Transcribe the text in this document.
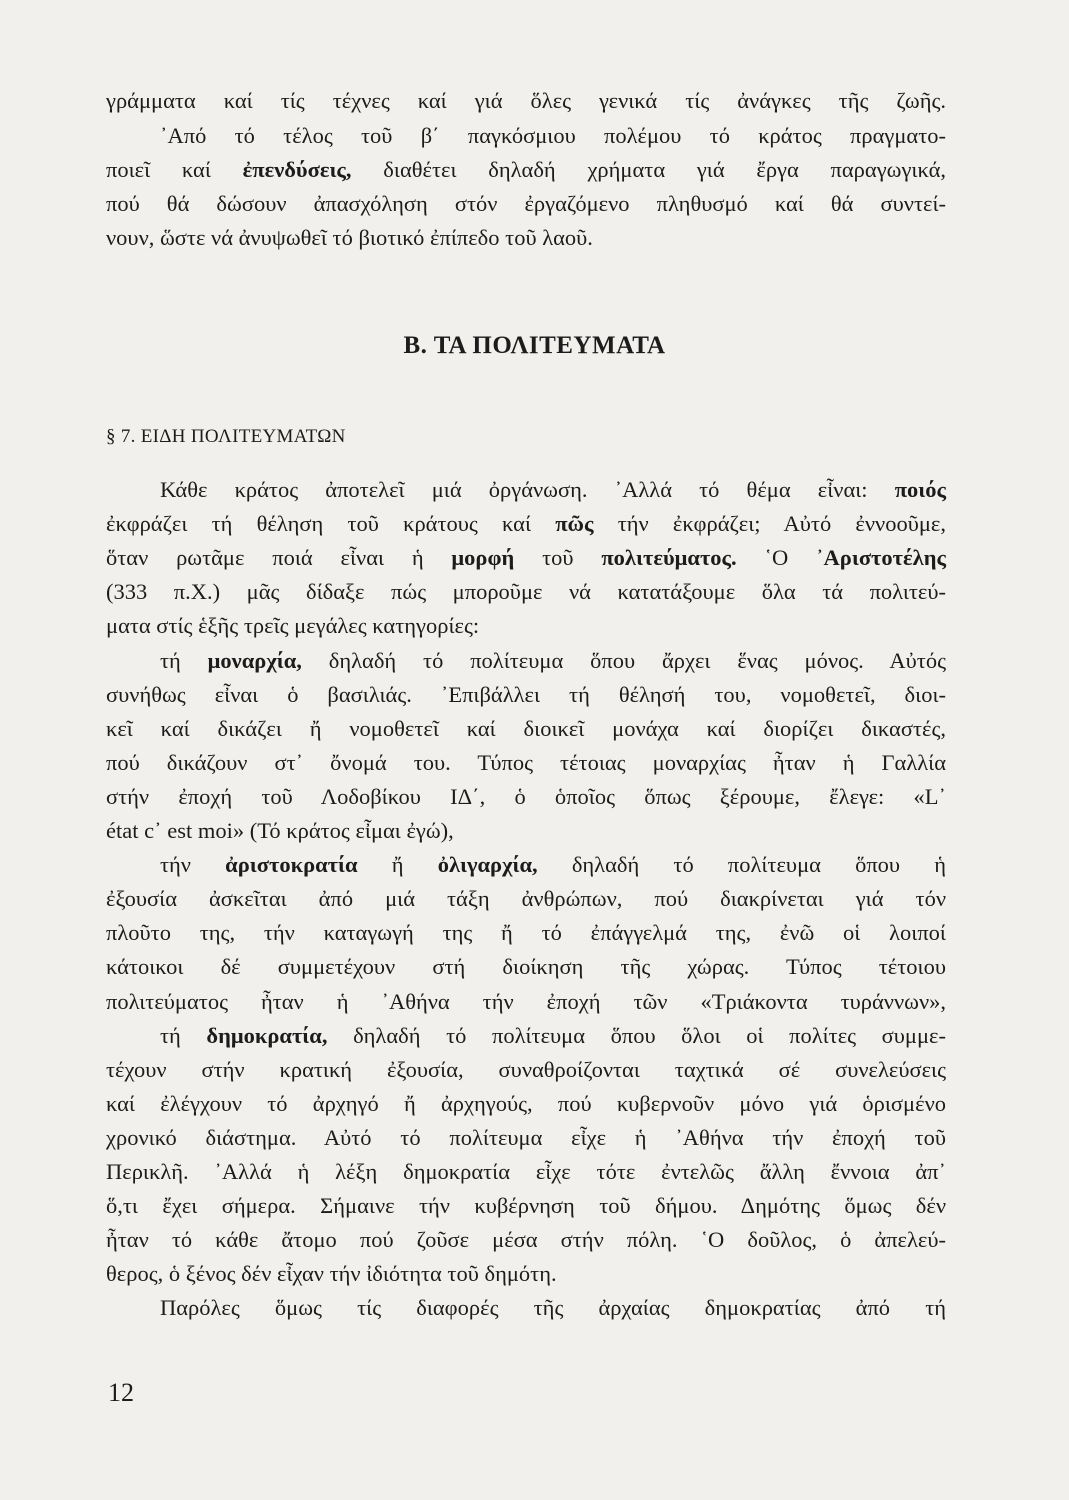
γράμματα καί τίς τέχνες καί γιά ὅλες γενικά τίς ἀνάγκες τῆς ζωῆς.
᾿Από τό τέλος τοῦ β΄ παγκόσμιου πολέμου τό κράτος πραγματο-
ποιεῖ καί ἐπενδύσεις, διαθέτει δηλαδή χρήματα γιά ἔργα παραγωγικά,
πού θά δώσουν ἀπασχόληση στόν ἐργαζόμενο πληθυσμό καί θά συντεί-
νουν, ὥστε νά ἀνυψωθεῖ τό βιοτικό ἐπίπεδο τοῦ λαοῦ.
Β. ΤΑ ΠΟΛΙΤΕΥΜΑΤΑ
§ 7. ΕΙΔΗ ΠΟΛΙΤΕΥΜΑΤΩΝ
Κάθε κράτος ἀποτελεῖ μιά ὀργάνωση. ᾿Αλλά τό θέμα εἶναι: ποιός
ἐκφράζει τή θέληση τοῦ κράτους καί πῶς τήν ἐκφράζει; Αὐτό ἐννοοῦμε,
ὅταν ρωτᾶμε ποιά εἶναι ἡ μορφή τοῦ πολιτεύματος. ῾Ο ᾿Αριστοτέλης
(333 π.Χ.) μᾶς δίδαξε πώς μποροῦμε νά κατατάξουμε ὅλα τά πολιτεύ-
ματα στίς ἑξῆς τρεῖς μεγάλες κατηγορίες:
τή μοναρχία, δηλαδή τό πολίτευμα ὅπου ἄρχει ἕνας μόνος. Αὐτός
συνήθως εἶναι ὁ βασιλιάς. ᾿Επιβάλλει τή θέλησή του, νομοθετεῖ, διοι-
κεῖ καί δικάζει ἤ νομοθετεῖ καί διοικεῖ μονάχα καί διορίζει δικαστές,
πού δικάζουν στ᾿ ὄνομά του. Τύπος τέτοιας μοναρχίας ἦταν ἡ Γαλλία
στήν ἐποχή τοῦ Λοδοβίκου ΙΔ΄, ὁ ὁποῖος ὅπως ξέρουμε, ἔλεγε: «L᾿
état c᾿ est moi» (Τό κράτος εἶμαι ἐγώ),
τήν ἀριστοκρατία ἤ ὀλιγαρχία, δηλαδή τό πολίτευμα ὅπου ἡ
ἐξουσία ἀσκεῖται ἀπό μιά τάξη ἀνθρώπων, πού διακρίνεται γιά τόν
πλοῦτο της, τήν καταγωγή της ἤ τό ἐπάγγελμά της, ἐνῶ οἱ λοιποί
κάτοικοι δέ συμμετέχουν στή διοίκηση τῆς χώρας. Τύπος τέτοιου
πολιτεύματος ἦταν ἡ ᾿Αθήνα τήν ἐποχή τῶν «Τριάκοντα τυράννων»,
τή δημοκρατία, δηλαδή τό πολίτευμα ὅπου ὅλοι οἱ πολίτες συμμε-
τέχουν στήν κρατική ἐξουσία, συναθροίζονται ταχτικά σέ συνελεύσεις
καί ἐλέγχουν τό ἀρχηγό ἤ ἀρχηγούς, πού κυβερνοῦν μόνο γιά ὁρισμένο
χρονικό διάστημα. Αὐτό τό πολίτευμα εἶχε ἡ ᾿Αθήνα τήν ἐποχή τοῦ
Περικλῆ. ᾿Αλλά ἡ λέξη δημοκρατία εἶχε τότε ἐντελῶς ἄλλη ἔννοια ἀπ᾿
ὅ,τι ἔχει σήμερα. Σήμαινε τήν κυβέρνηση τοῦ δήμου. Δημότης ὅμως δέν
ἦταν τό κάθε ἄτομο πού ζοῦσε μέσα στήν πόλη. ῾Ο δοῦλος, ὁ ἀπελεύ-
θερος, ὁ ξένος δέν εἶχαν τήν ἰδιότητα τοῦ δημότη.
Παρόλες ὅμως τίς διαφορές τῆς ἀρχαίας δημοκρατίας ἀπό τή
12
